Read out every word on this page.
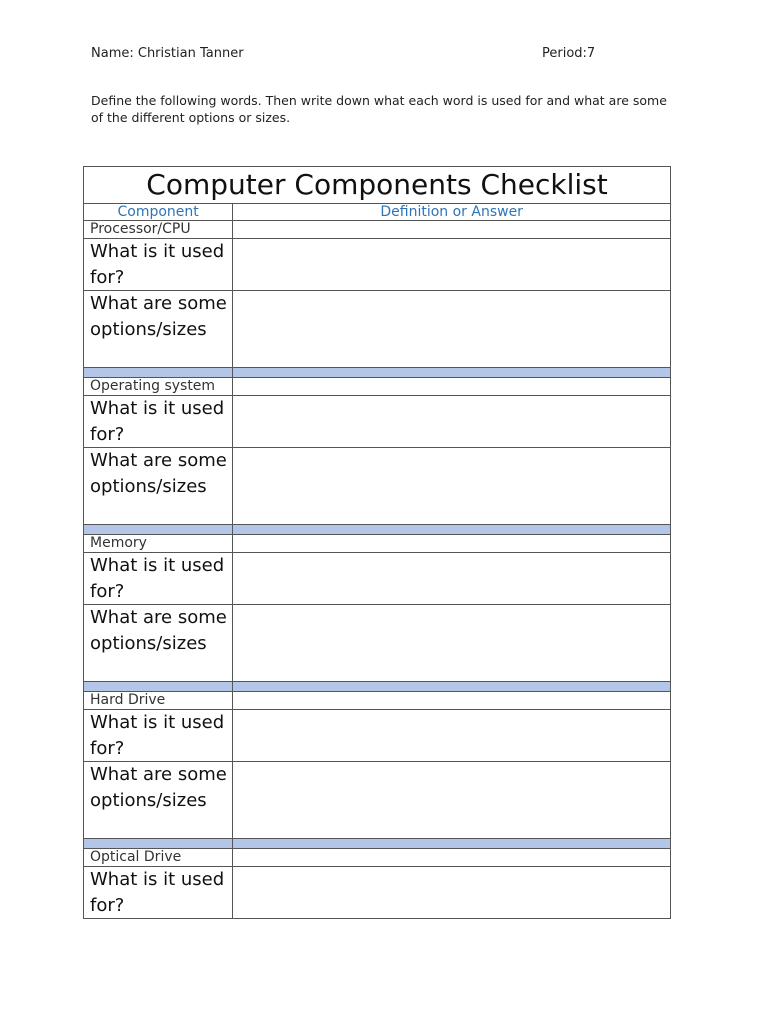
Name: Christian Tanner	Period:7
Define the following words. Then write down what each word is used for and what are some of the different options or sizes.
Computer Components Checklist	
Component	Definition or Answer
Processor/CPU	
What is it used for?	
What are some options/sizes	

Operating system	
What is it used for?	
What are some options/sizes	

Memory	
What is it used for?	
What are some options/sizes	

Hard Drive	
What is it used for?	
What are some options/sizes	

Optical Drive	
What is it used for?	
